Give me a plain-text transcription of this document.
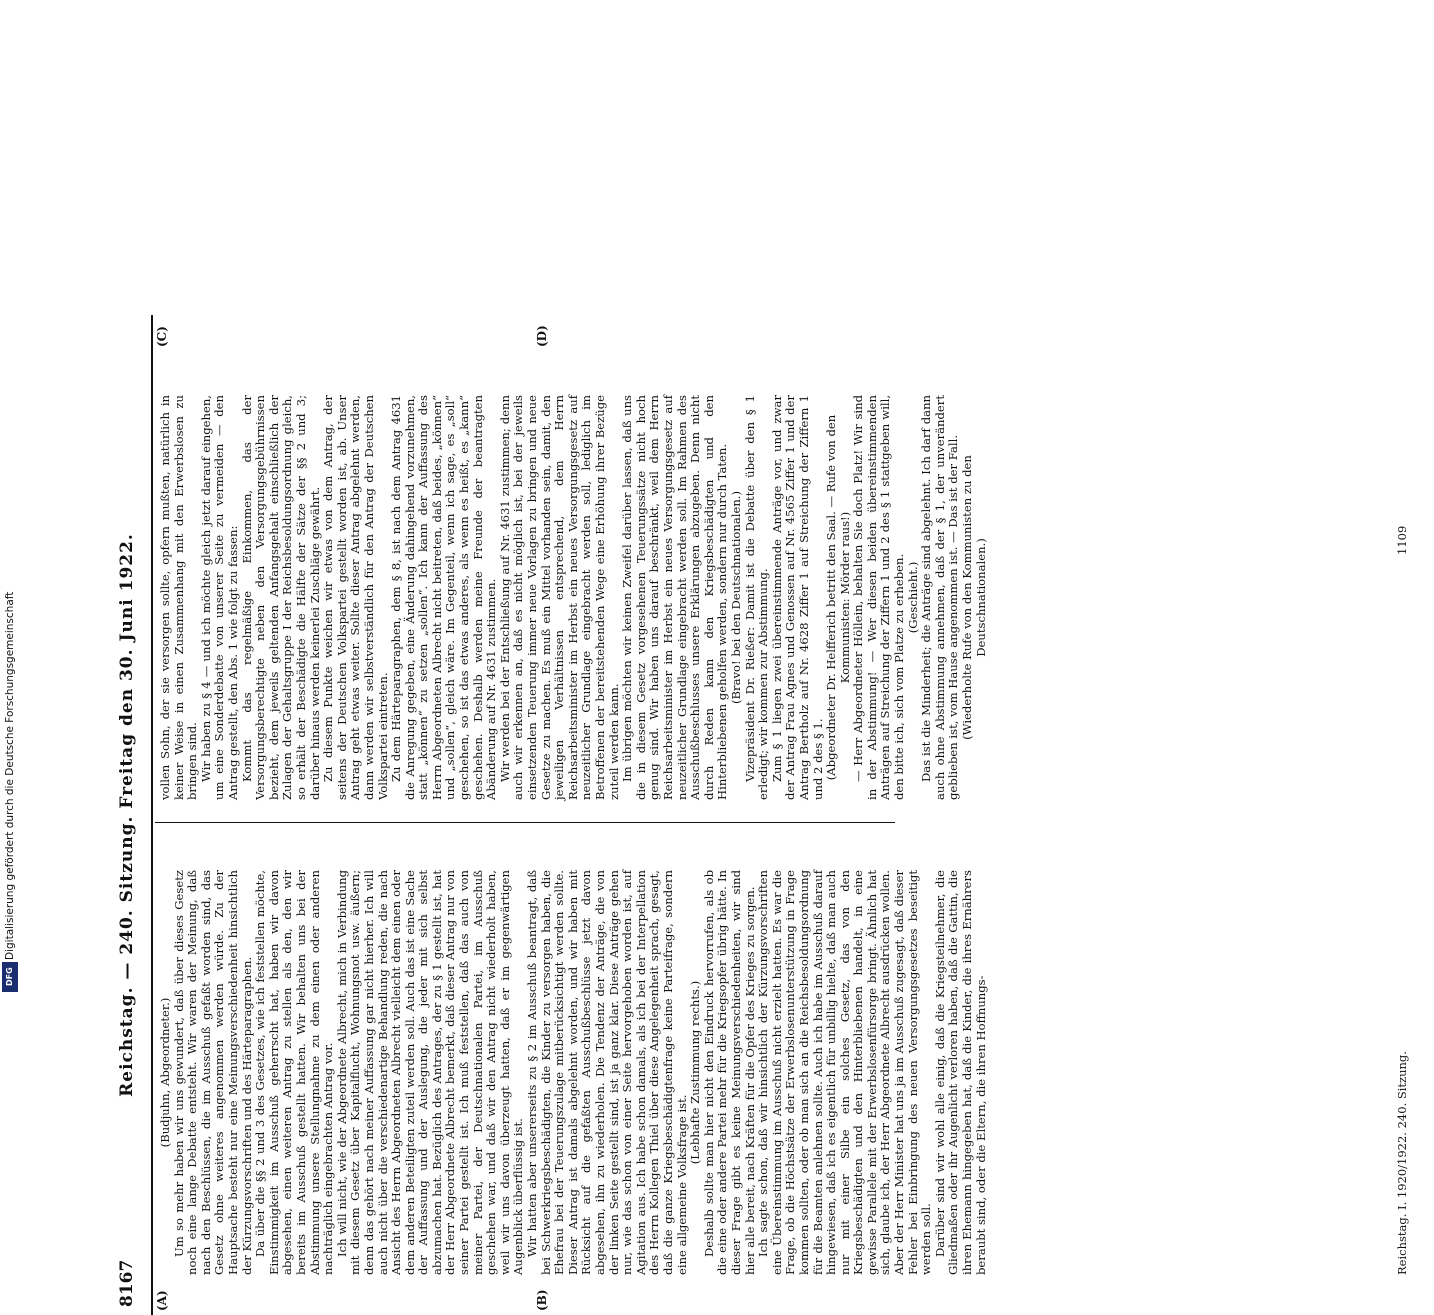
8167
Reichstag. — 240. Sitzung. Freitag den 30. Juni 1922.
(A)	(B)
(C)	(D)

(Budjuhn, Abgeordneter.) Um so mehr haben wir uns gewundert, daß über dieses Gesetz noch eine lange Debatte entsteht. Wir waren der Meinung, daß nach den Beschlüssen, die im Ausschuß gefaßt worden sind, das Gesetz ohne weiteres angenommen werden würde. Zu der Hauptsache besteht nur eine Meinungsverschiedenheit hinsichtlich der Kürzungsvorschriften und des Härteparagraphen. Da über die §§ 2 und 3 des Gesetzes, wie ich feststellen möchte, Einstimmigkeit im Ausschuß geherrscht hat, haben wir davon abgesehen, einen weiteren Antrag zu stellen als den, den wir bereits im Ausschuß gestellt hatten. Wir behalten uns bei der Abstimmung unsere Stellungnahme zu dem einen oder anderen nachträglich eingebrachten Antrag vor. Ich will nicht, wie der Abgeordnete Albrecht, mich in Verbindung mit diesem Gesetz über Kapitalflucht, Wohnungsnot usw. äußern; denn das gehört nach meiner Auffassung gar nicht hierher. Ich will auch nicht über die verschiedenartige Behandlung reden, die nach Ansicht des Herrn Abgeordneten Albrecht vielleicht dem einen oder dem anderen Beteiligten zuteil werden soll. Auch das ist eine Sache der Auffassung und der Auslegung, die jeder mit sich selbst abzumachen hat. Bezüglich des Antrages, der zu § 1 gestellt ist, hat der Herr Abgeordnete Albrecht bemerkt, daß dieser Antrag nur von seiner Partei gestellt ist. Ich muß feststellen, daß das auch von meiner Partei, der Deutschnationalen Partei, im Ausschuß geschehen war, und daß wir den Antrag nicht wiederholt haben, weil wir uns davon überzeugt hatten, daß er im gegenwärtigen Augenblick überflüssig ist. Wir hatten aber unsererseits zu § 2 im Ausschuß beantragt, daß bei Schwerkriegsbeschädigten, die Kinder zu versorgen haben, die Ehefrau bei der Teuerungszulage mitberücksichtigt werden sollte. Dieser Antrag ist damals abgelehnt worden, und wir haben mit Rücksicht auf die gefaßten Ausschußbeschlüsse jetzt davon abgesehen, ihn zu wiederholen. Die Tendenz der Anträge, die von der linken Seite gestellt sind, ist ja ganz klar. Diese Anträge gehen nur, wie das schon von einer Seite hervorgehoben worden ist, auf Agitation aus. Ich habe schon damals, als ich bei der Interpellation des Herrn Kollegen Thiel über diese Angelegenheit sprach, gesagt, daß die ganze Kriegsbeschädigtenfrage keine Parteifrage, sondern eine allgemeine Volksfrage ist.

(Lebhafte Zustimmung rechts.) Deshalb sollte man hier nicht den Eindruck hervorrufen, als ob die eine oder andere Partei mehr für die Kriegsopfer übrig hätte. In dieser Frage gibt es keine Meinungsverschiedenheiten, wir sind hier alle bereit, nach Kräften für die Opfer des Krieges zu sorgen. Ich sagte schon, daß wir hinsichtlich der Kürzungsvorschriften eine Übereinstimmung im Ausschuß nicht erzielt hatten. Es war die Frage, ob die Höchstsätze der Erwerbslosenunterstützung in Frage kommen sollten, oder ob man sich an die Reichsbesoldungsordnung für die Beamten anlehnen sollte. Auch ich habe im Ausschuß darauf hingewiesen, daß ich es eigentlich für unbillig hielte, daß man auch nur mit einer Silbe ein solches Gesetz, das von den Kriegsbeschädigten und den Hinterbliebenen handelt, in eine gewisse Parallele mit der Erwerbslosenfürsorge bringt. Ähnlich hat sich, glaube ich, der Herr Abgeordnete Albrecht ausdrücken wollen. Aber der Herr Minister hat uns ja im Ausschuß zugesagt, daß dieser Fehler bei Einbringung des neuen Versorgungsgesetzes beseitigt werden soll. Darüber sind wir wohl alle einig, daß die Kriegsteilnehmer, die Gliedmaßen oder ihr Augenlicht verloren haben, daß die Gattin, die ihren Ehemann hingegeben hat, daß die Kinder, die ihres Ernährers beraubt sind, oder die Eltern, die ihren Hoffnungs-

vollen Sohn, der sie versorgen sollte, opfern mußten, natürlich in keiner Weise in einen Zusammenhang mit den Erwerbslosen zu bringen sind. Wir haben zu § 4 — und ich möchte gleich jetzt darauf eingehen, um eine Sonderdebatte von unserer Seite zu vermeiden — den Antrag gestellt, den Abs. 1 wie folgt zu fassen: Kommt das regelmäßige Einkommen, das der Versorgungsberechtigte neben den Versorgungsgebührnissen bezieht, dem jeweils geltenden Anfangsgehalt einschließlich der Zulagen der Gehaltsgruppe I der Reichsbesoldungsordnung gleich, so erhält der Beschädigte die Hälfte der Sätze der §§ 2 und 3; darüber hinaus werden keinerlei Zuschläge gewährt. Zu diesem Punkte weichen wir etwas von dem Antrag, der seitens der Deutschen Volkspartei gestellt worden ist, ab. Unser Antrag geht etwas weiter. Sollte dieser Antrag abgelehnt werden, dann werden wir selbstverständlich für den Antrag der Deutschen Volkspartei eintreten. Zu dem Härteparagraphen, dem § 8, ist nach dem Antrag 4631 die Anregung gegeben, eine Änderung dahingehend vorzunehmen, statt „können“ zu setzen „sollen“. Ich kann der Auffassung des Herrn Abgeordneten Albrecht nicht beitreten, daß beides, „können“ und „sollen“, gleich wäre. Im Gegenteil, wenn ich sage, es „soll“ geschehen, so ist das etwas anderes, als wenn es heißt, es „kann“ geschehen. Deshalb werden meine Freunde der beantragten Abänderung auf Nr. 4631 zustimmen. Wir werden bei der Entschließung auf Nr. 4631 zustimmen; denn auch wir erkennen an, daß es nicht möglich ist, bei der jeweils einsetzenden Teuerung immer neue Vorlagen zu bringen und neue Gesetze zu machen. Es muß ein Mittel vorhanden sein, damit, den jeweiligen Verhältnissen entsprechend, dem Herrn Reichsarbeitsminister im Herbst ein neues Versorgungsgesetz auf neuzeitlicher Grundlage eingebracht werden soll, lediglich im Betroffenen der bereitstehenden Wege eine Erhöhung ihrer Bezüge zuteil werden kann. Im übrigen möchten wir keinen Zweifel darüber lassen, daß uns die in diesem Gesetz vorgesehenen Teuerungssätze nicht hoch genug sind. Wir haben uns darauf beschränkt, weil dem Herrn Reichsarbeitsminister im Herbst ein neues Versorgungsgesetz auf neuzeitlicher Grundlage eingebracht werden soll. Im Rahmen des Ausschußbeschlusses unsere Erklärungen abzugeben. Denn nicht durch Reden kann den Kriegsbeschädigten und den Hinterbliebenen geholfen werden, sondern nur durch Taten. (Bravo! bei den Deutschnationalen.) Vizepräsident Dr. Rießer: Damit ist die Debatte über den § 1 erledigt; wir kommen zur Abstimmung. Zum § 1 liegen zwei übereinstimmende Anträge vor, und zwar der Antrag Frau Agnes und Genossen auf Nr. 4565 Ziffer 1 und der Antrag Bertholz auf Nr. 4628 Ziffer 1 auf Streichung der Ziffern 1 und 2 des § 1. (Abgeordneter Dr. Helfferich betritt den Saal. — Rufe von den Kommunisten: Mörder raus!) — Herr Abgeordneter Höllein, behalten Sie doch Platz! Wir sind in der Abstimmung! — Wer diesen beiden übereinstimmenden Anträgen auf Streichung der Ziffern 1 und 2 des § 1 stattgeben will, den bitte ich, sich vom Platze zu erheben. (Geschieht.) Das ist die Minderheit; die Anträge sind abgelehnt. Ich darf dann auch ohne Abstimmung annehmen, daß der § 1, der unverändert geblieben ist, vom Hause angenommen ist. — Das ist der Fall. (Wiederholte Rufe von den Kommunisten zu den Deutschnationalen.)

Reichstag. I. 1920/1922. 240. Sitzung.
1109
Digitalisierung gefördert durch die Deutsche Forschungsgemeinschaft
DFG
